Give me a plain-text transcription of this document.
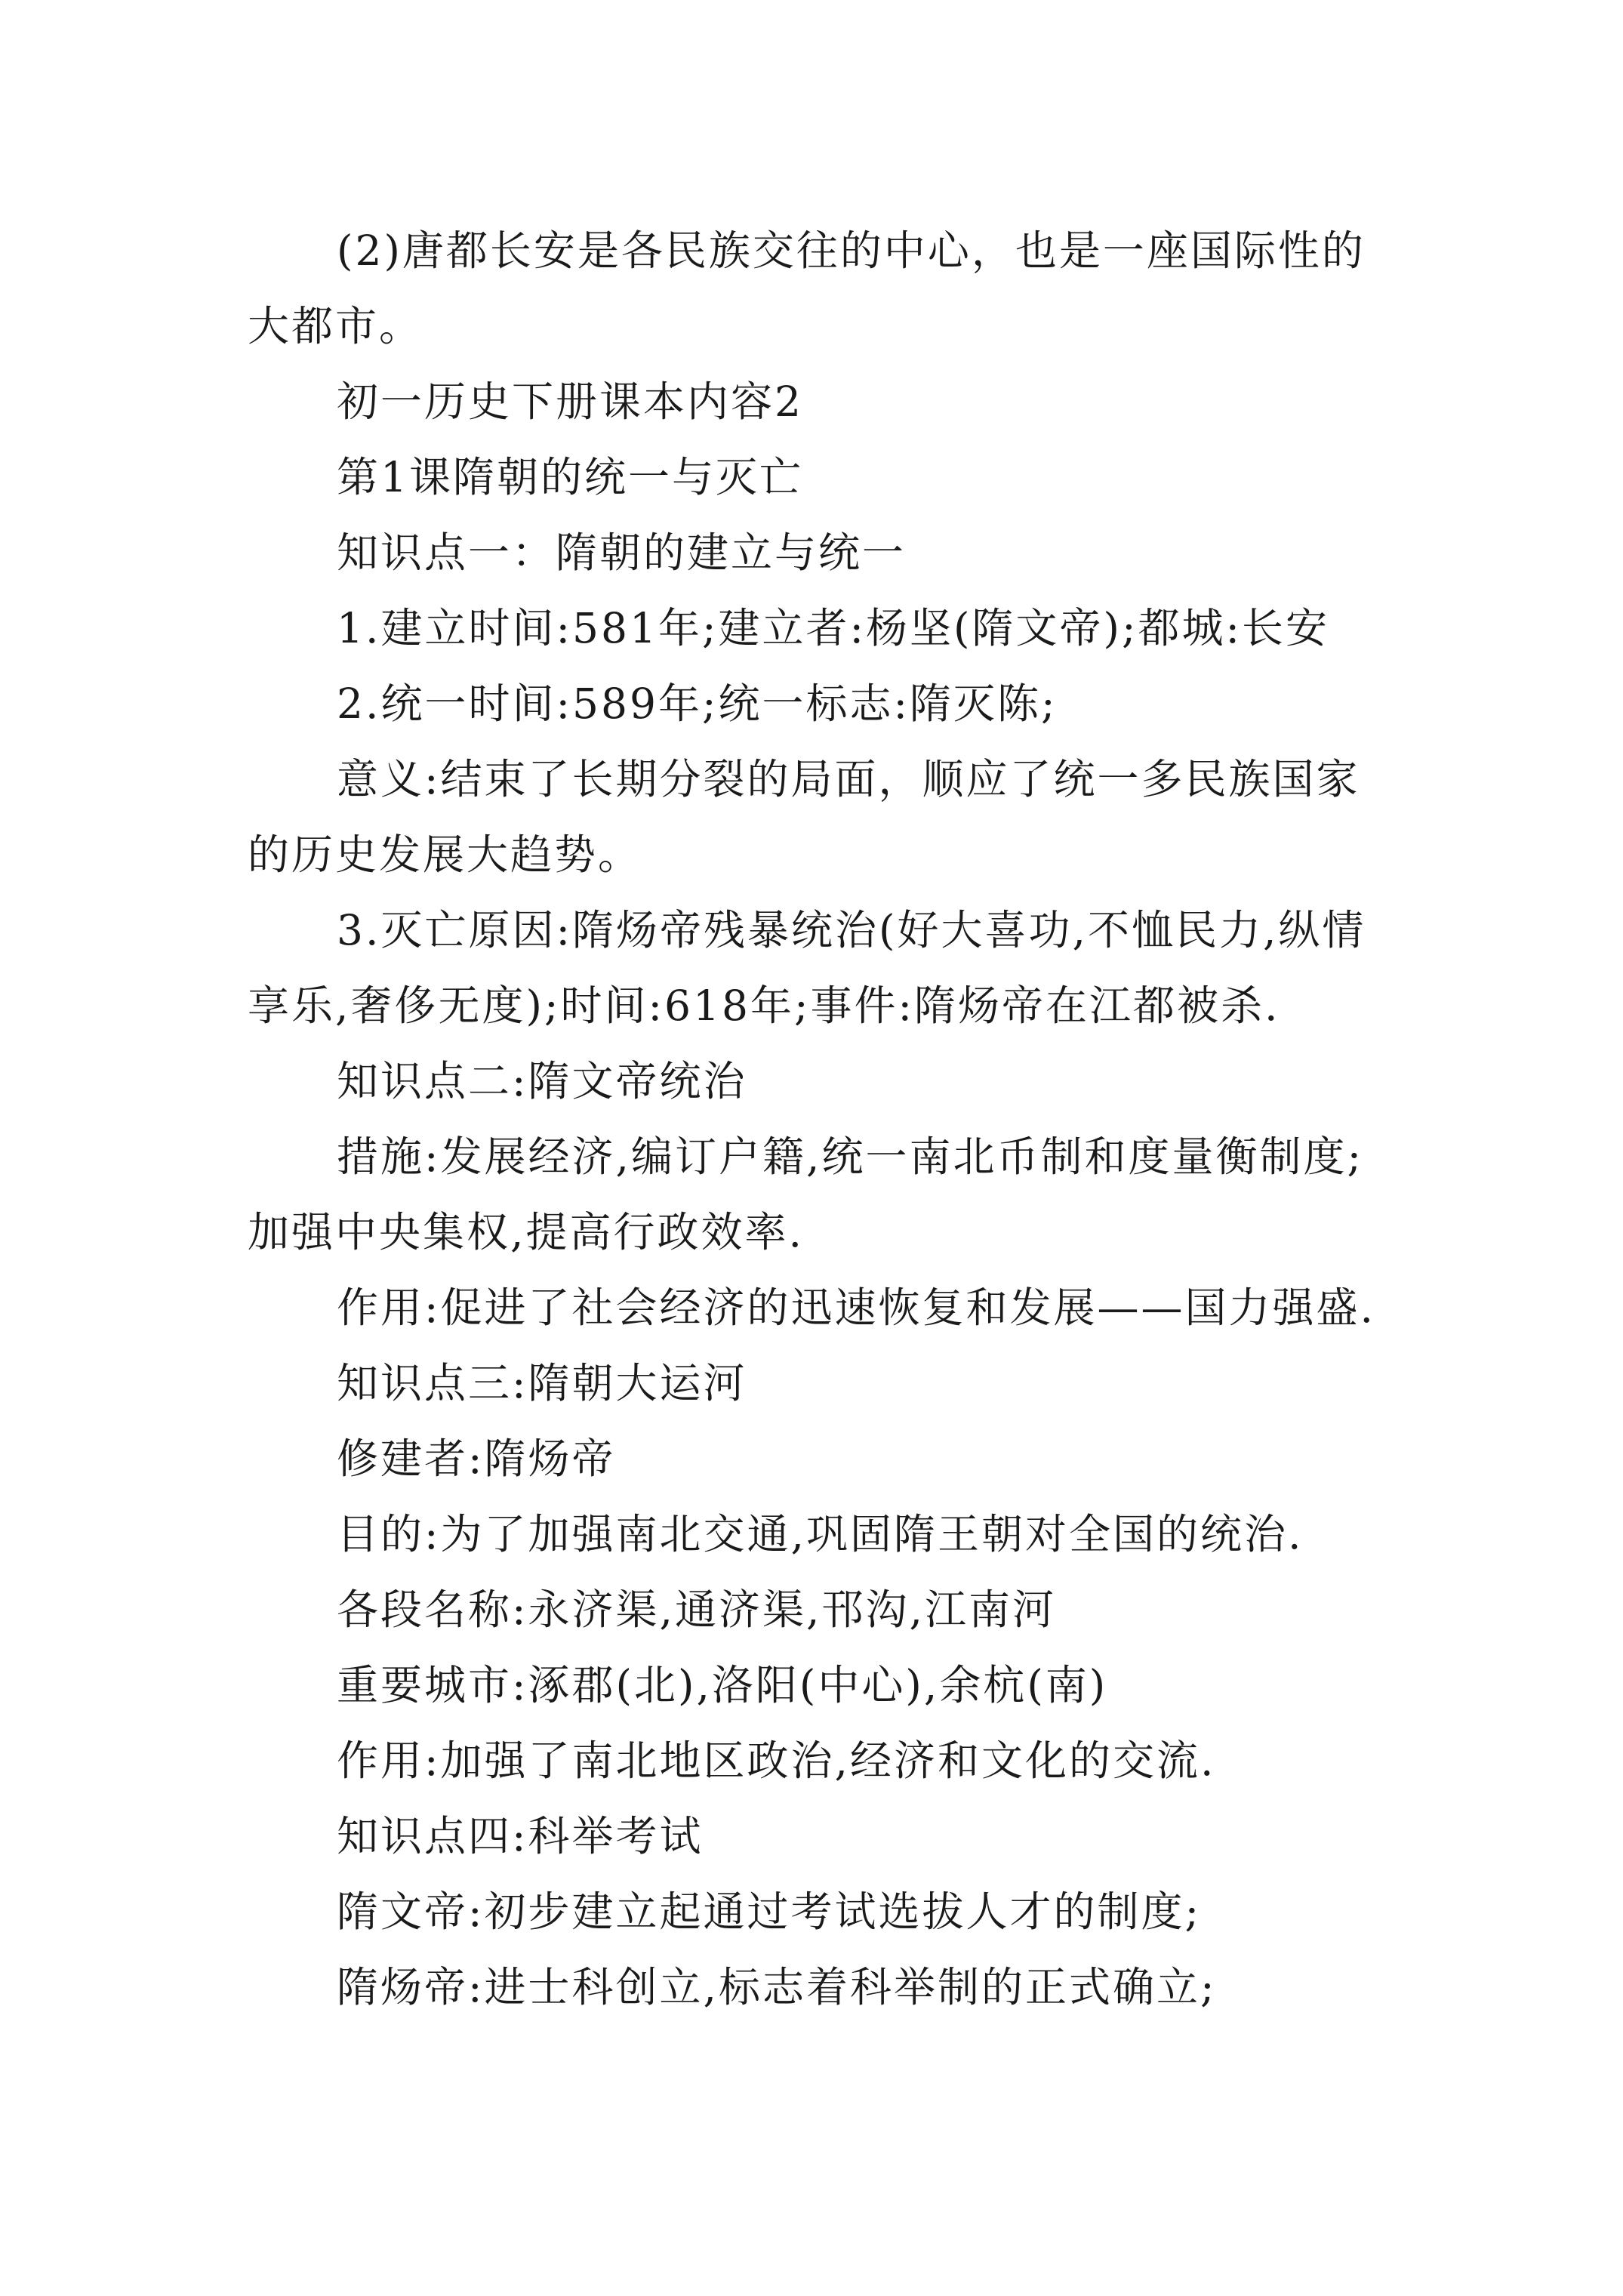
(2)唐都长安是各民族交往的中心，也是一座国际性的大都市。

初一历史下册课本内容2

第1课隋朝的统一与灭亡

知识点一：隋朝的建立与统一

1.建立时间:581年;建立者:杨坚(隋文帝);都城:长安

2.统一时间:589年;统一标志:隋灭陈;

意义:结束了长期分裂的局面，顺应了统一多民族国家的历史发展大趋势。

3.灭亡原因:隋炀帝残暴统治(好大喜功,不恤民力,纵情享乐,奢侈无度);时间:618年;事件:隋炀帝在江都被杀.

知识点二:隋文帝统治

措施:发展经济,编订户籍,统一南北币制和度量衡制度;加强中央集权,提高行政效率.

作用:促进了社会经济的迅速恢复和发展——国力强盛.

知识点三:隋朝大运河

修建者:隋炀帝

目的:为了加强南北交通,巩固隋王朝对全国的统治.

各段名称:永济渠,通济渠,邗沟,江南河

重要城市:涿郡(北),洛阳(中心),余杭(南)

作用:加强了南北地区政治,经济和文化的交流.

知识点四:科举考试

隋文帝:初步建立起通过考试选拔人才的制度;

隋炀帝:进士科创立,标志着科举制的正式确立;
